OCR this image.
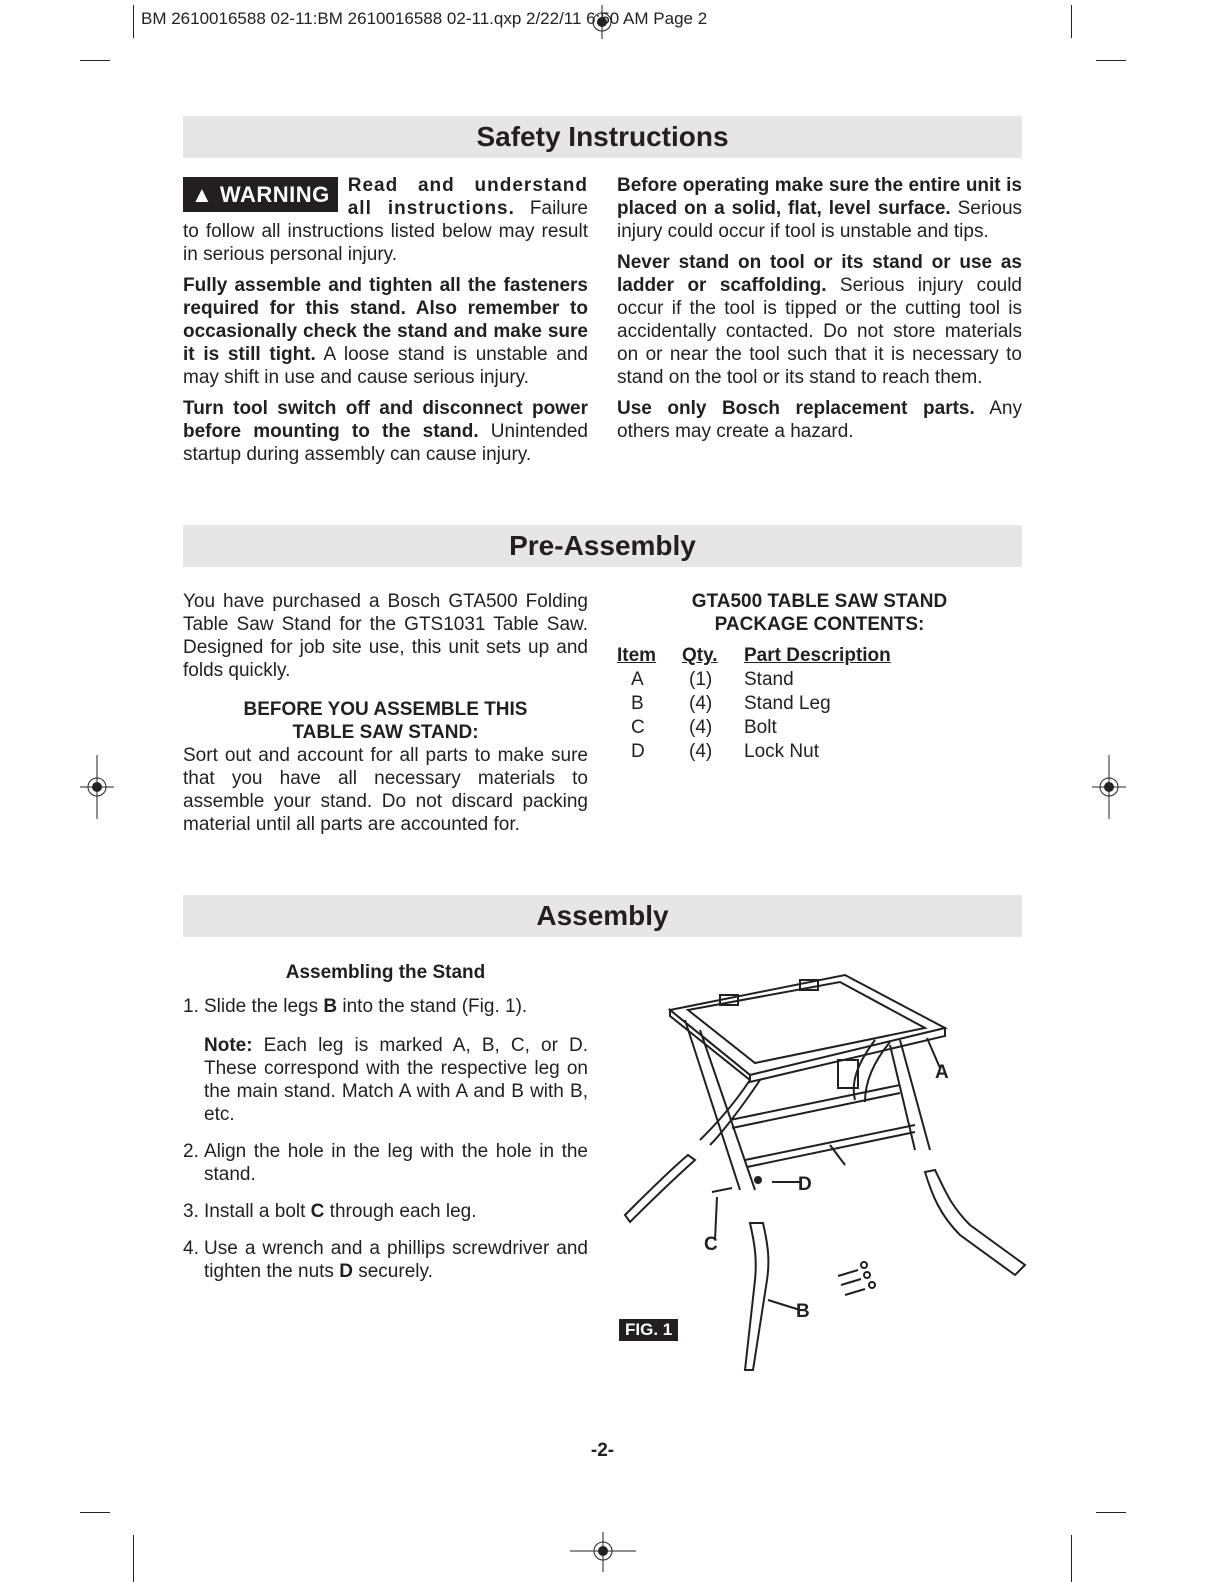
BM 2610016588 02-11:BM 2610016588 02-11.qxp 2/22/11 6:50 AM Page 2
Safety Instructions

▲ WARNING Read and understand all instructions. Failure to follow all instructions listed below may result in serious personal injury.

Fully assemble and tighten all the fasteners required for this stand. Also remember to occasionally check the stand and make sure it is still tight. A loose stand is unstable and may shift in use and cause serious injury.

Turn tool switch off and disconnect power before mounting to the stand. Unintended startup during assembly can cause injury.

Before operating make sure the entire unit is placed on a solid, flat, level surface. Serious injury could occur if tool is unstable and tips.

Never stand on tool or its stand or use as ladder or scaffolding. Serious injury could occur if the tool is tipped or the cutting tool is accidentally contacted. Do not store materials on or near the tool such that it is necessary to stand on the tool or its stand to reach them.

Use only Bosch replacement parts. Any others may create a hazard.

Pre-Assembly

You have purchased a Bosch GTA500 Folding Table Saw Stand for the GTS1031 Table Saw. Designed for job site use, this unit sets up and folds quickly.

BEFORE YOU ASSEMBLE THIS
TABLE SAW STAND:

Sort out and account for all parts to make sure that you have all necessary materials to assemble your stand. Do not discard packing material until all parts are accounted for.

GTA500 TABLE SAW STAND
PACKAGE CONTENTS:
Item	Qty.	Part Description
A	(1)	Stand
B	(4)	Stand Leg
C	(4)	Bolt
D	(4)	Lock Nut
Assembly
Assembling the Stand
1. Slide the legs B into the stand (Fig. 1).

Note: Each leg is marked A, B, C, or D. These correspond with the respective leg on the main stand. Match A with A and B with B, etc.

2. Align the hole in the leg with the hole in the stand.
3. Install a bolt C through each leg.
4. Use a wrench and a phillips screwdriver and tighten the nuts D securely.
A
D
C
B
FIG. 1
-2-
